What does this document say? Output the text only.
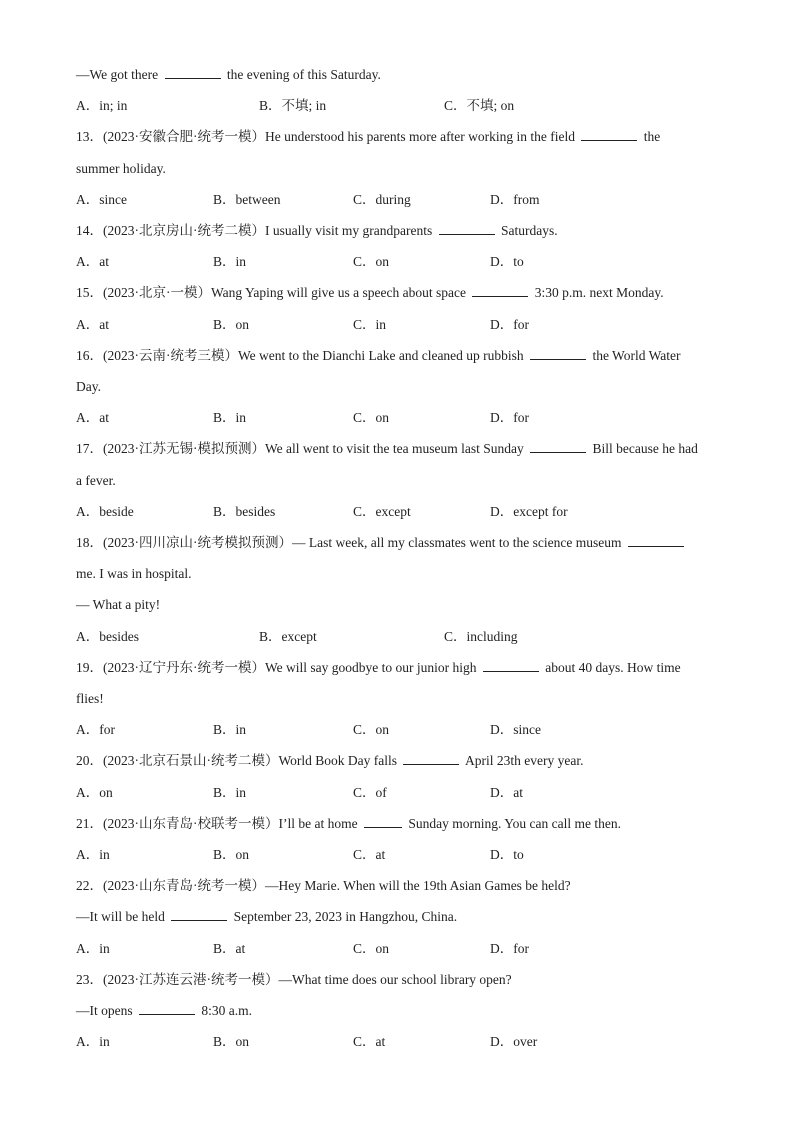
—We got there	the evening of this Saturday.
A．in; in	B．不填; in	C．不填; on
13．(2023·安徽合肥·统考一模）He understood his parents more after working in the field	the
summer holiday.
A．since	B．between	C．during	D．from
14．(2023·北京房山·统考二模）I usually visit my grandparents	Saturdays.
A．at	B．in	C．on	D．to
15．(2023·北京·一模）Wang Yaping will give us a speech about space	3:30 p.m. next Monday.
A．at	B．on	C．in	D．for
16．(2023·云南·统考三模）We went to the Dianchi Lake and cleaned up rubbish	the World Water
Day.
A．at	B．in	C．on	D．for
17．(2023·江苏无锡·模拟预测）We all went to visit the tea museum last Sunday	Bill because he had
a fever.
A．beside	B．besides	C．except	D．except for
18．(2023·四川凉山·统考模拟预测）— Last week, all my classmates went to the science museum
me. I was in hospital.
— What a pity!
A．besides	B．except	C．including
19．(2023·辽宁丹东·统考一模）We will say goodbye to our junior high	about 40 days. How time
flies!
A．for	B．in	C．on	D．since
20．(2023·北京石景山·统考二模）World Book Day falls	April 23th every year.
A．on	B．in	C．of	D．at
21．(2023·山东青岛·校联考一模）I’ll be at home	Sunday morning. You can call me then.
A．in	B．on	C．at	D．to
22．(2023·山东青岛·统考一模）—Hey Marie. When will the 19th Asian Games be held?
—It will be held	September 23, 2023 in Hangzhou, China.
A．in	B．at	C．on	D．for
23．(2023·江苏连云港·统考一模）—What time does our school library open?
—It opens	8:30 a.m.
A．in	B．on	C．at	D．over
